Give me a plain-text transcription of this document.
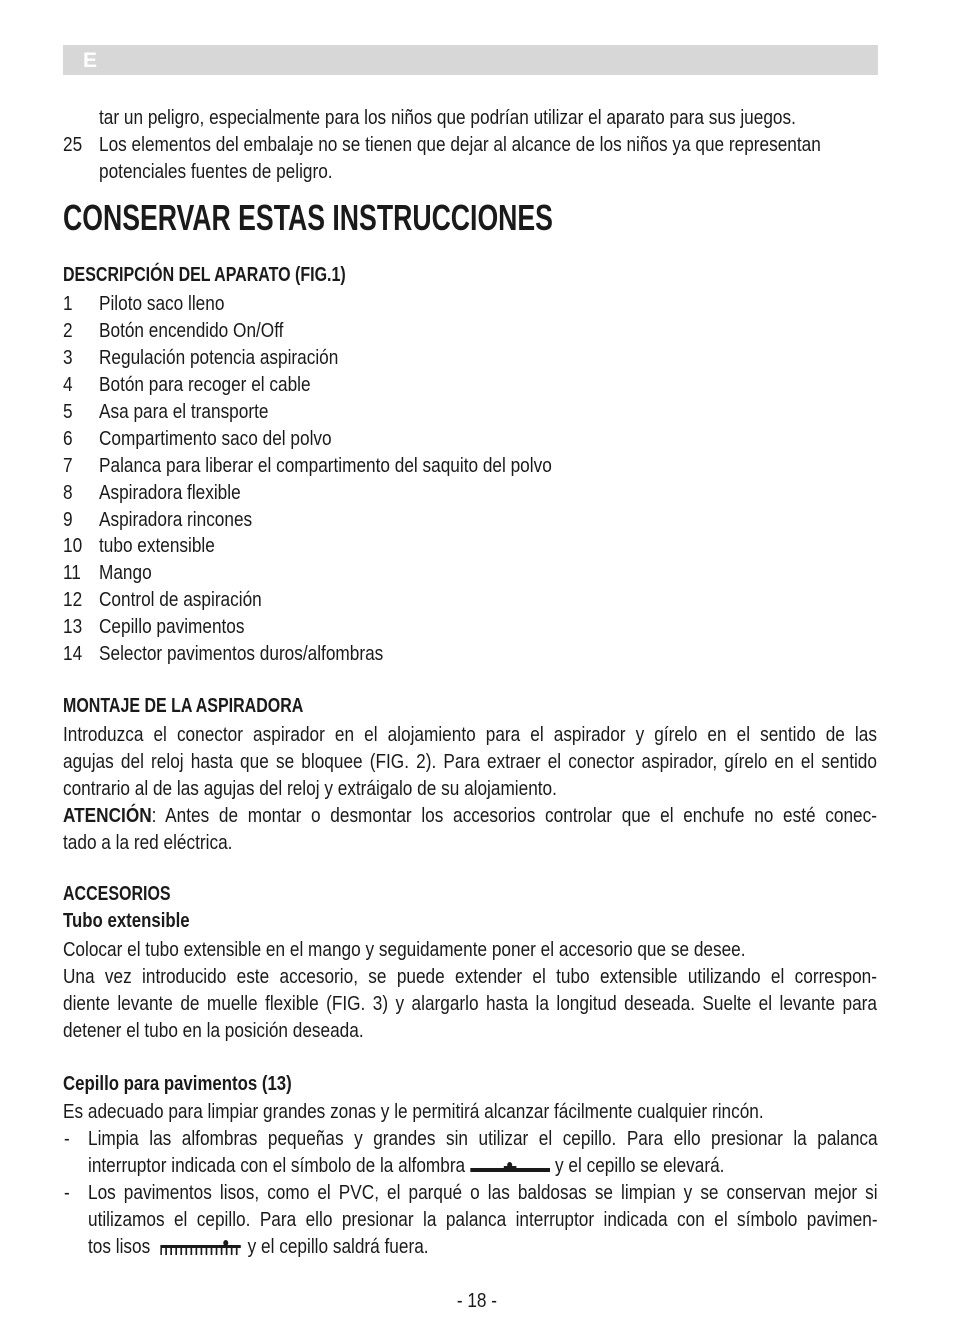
E
tar un peligro, especialmente para los niños que podrían utilizar el aparato para sus juegos.
25 Los elementos del embalaje no se tienen que dejar al alcance de los niños ya que representan
potenciales fuentes de peligro.
CONSERVAR ESTAS INSTRUCCIONES
DESCRIPCIÓN DEL APARATO (FIG.1)
1 Piloto saco lleno
2 Botón encendido On/Off
3 Regulación potencia aspiración
4 Botón para recoger el cable
5 Asa para el transporte
6 Compartimento saco del polvo
7 Palanca para liberar el compartimento del saquito del polvo
8 Aspiradora flexible
9 Aspiradora rincones
10 tubo extensible
11 Mango
12 Control de aspiración
13 Cepillo pavimentos
14 Selector pavimentos duros/alfombras
MONTAJE DE LA ASPIRADORA
Introduzca el conector aspirador en el alojamiento para el aspirador y gírelo en el sentido de las
agujas del reloj hasta que se bloquee (FIG. 2). Para extraer el conector aspirador, gírelo en el sentido
contrario al de las agujas del reloj y extráigalo de su alojamiento.
ATENCIÓN: Antes de montar o desmontar los accesorios controlar que el enchufe no esté conec-
tado a la red eléctrica.
ACCESORIOS
Tubo extensible
Colocar el tubo extensible en el mango y seguidamente poner el accesorio que se desee.
Una vez introducido este accesorio, se puede extender el tubo extensible utilizando el correspon-
diente levante de muelle flexible (FIG. 3) y alargarlo hasta la longitud deseada. Suelte el levante para
detener el tubo en la posición deseada.
Cepillo para pavimentos (13)
Es adecuado para limpiar grandes zonas y le permitirá alcanzar fácilmente cualquier rincón.
- Limpia las alfombras pequeñas y grandes sin utilizar el cepillo. Para ello presionar la palanca
interruptor indicada con el símbolo de la alfombra	y el cepillo se elevará.
- Los pavimentos lisos, como el PVC, el parqué o las baldosas se limpian y se conservan mejor si
utilizamos el cepillo. Para ello presionar la palanca interruptor indicada con el símbolo pavimen-
tos lisos	y el cepillo saldrá fuera.
- 18 -
